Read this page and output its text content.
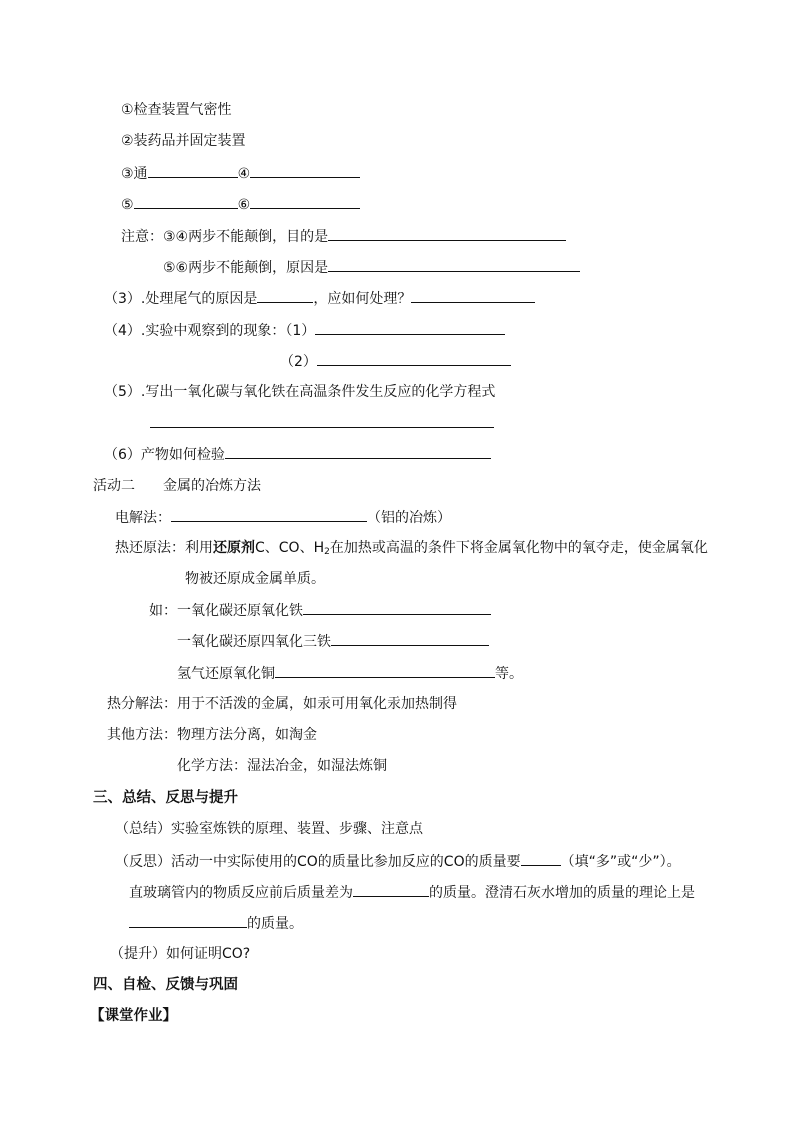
①检查装置气密性
②装药品并固定装置
③通	④
⑤	⑥
注意：③④两步不能颠倒，目的是
⑤⑥两步不能颠倒，原因是
（3）.处理尾气的原因是	，应如何处理？
（4）.实验中观察到的现象：（1）
（2）
（5）.写出一氧化碳与氧化铁在高温条件发生反应的化学方程式
（6）产物如何检验
活动二　　金属的冶炼方法
电解法：	（铝的冶炼）
热还原法：利用还原剂C、CO、$H_2$在加热或高温的条件下将金属氧化物中的氧夺走，使金属氧化
物被还原成金属单质。
如：一氧化碳还原氧化铁
一氧化碳还原四氧化三铁
氢气还原氧化铜	等。
热分解法：用于不活泼的金属，如汞可用氧化汞加热制得
其他方法：物理方法分离，如淘金
化学方法：湿法冶金，如湿法炼铜
三、总结、反思与提升
（总结）实验室炼铁的原理、装置、步骤、注意点
（反思）活动一中实际使用的CO的质量比参加反应的CO的质量要	（填“多”或“少”）。
直玻璃管内的物质反应前后质量差为	的质量。澄清石灰水增加的质量的理论上是
的质量。
（提升）如何证明CO?
四、自检、反馈与巩固
【课堂作业】
